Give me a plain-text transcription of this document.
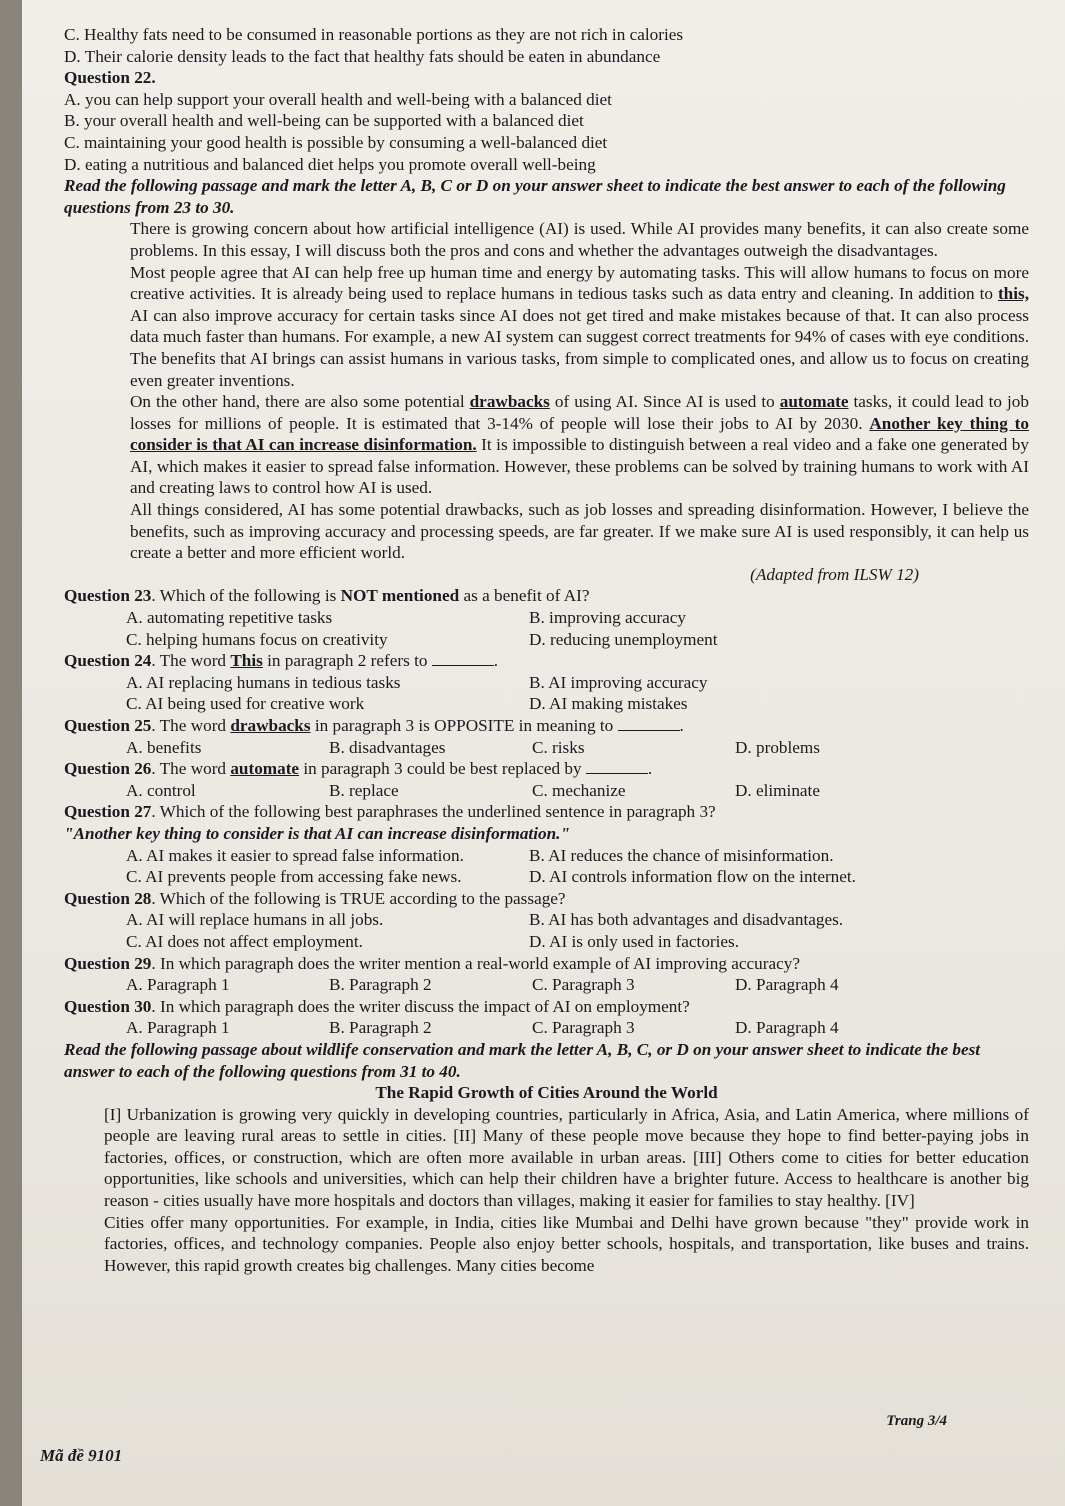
C. Healthy fats need to be consumed in reasonable portions as they are not rich in calories

D. Their calorie density leads to the fact that healthy fats should be eaten in abundance

Question 22.

A. you can help support your overall health and well-being with a balanced diet

B. your overall health and well-being can be supported with a balanced diet

C. maintaining your good health is possible by consuming a well-balanced diet

D. eating a nutritious and balanced diet helps you promote overall well-being

Read the following passage and mark the letter A, B, C or D on your answer sheet to indicate the best answer to each of the following questions from 23 to 30.

There is growing concern about how artificial intelligence (AI) is used. While AI provides many benefits, it can also create some problems. In this essay, I will discuss both the pros and cons and whether the advantages outweigh the disadvantages.

Most people agree that AI can help free up human time and energy by automating tasks. This will allow humans to focus on more creative activities. It is already being used to replace humans in tedious tasks such as data entry and cleaning. In addition to this, AI can also improve accuracy for certain tasks since AI does not get tired and make mistakes because of that. It can also process data much faster than humans. For example, a new AI system can suggest correct treatments for 94% of cases with eye conditions. The benefits that AI brings can assist humans in various tasks, from simple to complicated ones, and allow us to focus on creating even greater inventions.

On the other hand, there are also some potential drawbacks of using AI. Since AI is used to automate tasks, it could lead to job losses for millions of people. It is estimated that 3-14% of people will lose their jobs to AI by 2030. Another key thing to consider is that AI can increase disinformation. It is impossible to distinguish between a real video and a fake one generated by AI, which makes it easier to spread false information. However, these problems can be solved by training humans to work with AI and creating laws to control how AI is used.

All things considered, AI has some potential drawbacks, such as job losses and spreading disinformation. However, I believe the benefits, such as improving accuracy and processing speeds, are far greater. If we make sure AI is used responsibly, it can help us create a better and more efficient world.

(Adapted from ILSW 12)

Question 23. Which of the following is NOT mentioned as a benefit of AI?

A. automating repetitive tasks	B. improving accuracy
C. helping humans focus on creativity	D. reducing unemployment

Question 24. The word This in paragraph 2 refers to	.

A. AI replacing humans in tedious tasks	B. AI improving accuracy
C. AI being used for creative work	D. AI making mistakes

Question 25. The word drawbacks in paragraph 3 is OPPOSITE in meaning to	.

A. benefits	B. disadvantages	C. risks	D. problems

Question 26. The word automate in paragraph 3 could be best replaced by	.

A. control	B. replace	C. mechanize	D. eliminate

Question 27. Which of the following best paraphrases the underlined sentence in paragraph 3?

"Another key thing to consider is that AI can increase disinformation."

A. AI makes it easier to spread false information.	B. AI reduces the chance of misinformation.
C. AI prevents people from accessing fake news.	D. AI controls information flow on the internet.

Question 28. Which of the following is TRUE according to the passage?

A. AI will replace humans in all jobs.	B. AI has both advantages and disadvantages.
C. AI does not affect employment.	D. AI is only used in factories.

Question 29. In which paragraph does the writer mention a real-world example of AI improving accuracy?

A. Paragraph 1	B. Paragraph 2	C. Paragraph 3	D. Paragraph 4

Question 30. In which paragraph does the writer discuss the impact of AI on employment?

A. Paragraph 1	B. Paragraph 2	C. Paragraph 3	D. Paragraph 4

Read the following passage about wildlife conservation and mark the letter A, B, C, or D on your answer sheet to indicate the best answer to each of the following questions from 31 to 40.

The Rapid Growth of Cities Around the World

[I] Urbanization is growing very quickly in developing countries, particularly in Africa, Asia, and Latin America, where millions of people are leaving rural areas to settle in cities. [II] Many of these people move because they hope to find better-paying jobs in factories, offices, or construction, which are often more available in urban areas. [III] Others come to cities for better education opportunities, like schools and universities, which can help their children have a brighter future. Access to healthcare is another big reason - cities usually have more hospitals and doctors than villages, making it easier for families to stay healthy. [IV]

Cities offer many opportunities. For example, in India, cities like Mumbai and Delhi have grown because "they" provide work in factories, offices, and technology companies. People also enjoy better schools, hospitals, and transportation, like buses and trains. However, this rapid growth creates big challenges. Many cities become

Trang 3/4
Mã đề 9101
